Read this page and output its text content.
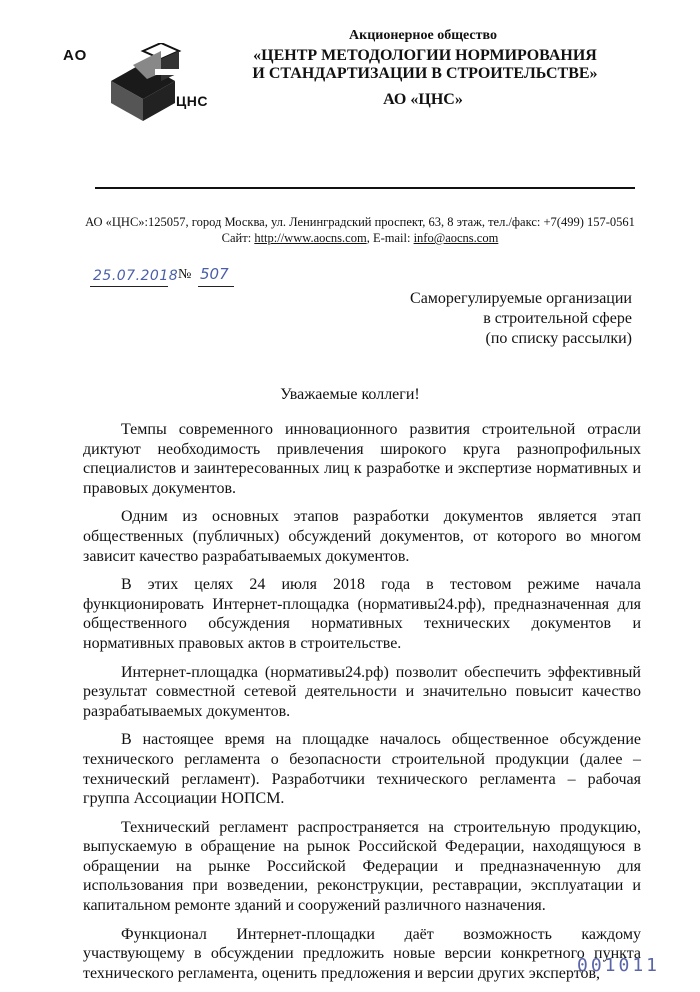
АО
ЦНС
Акционерное общество
«ЦЕНТР МЕТОДОЛОГИИ НОРМИРОВАНИЯ
И СТАНДАРТИЗАЦИИ В СТРОИТЕЛЬСТВЕ»
АО «ЦНС»
АО «ЦНС»:125057, город Москва, ул. Ленинградский проспект, 63, 8 этаж, тел./факс: +7(499) 157-0561
Сайт: http://www.aocns.com, E-mail: info@aocns.com
25.07.2018 № 507
Саморегулируемые организации
в строительной сфере
(по списку рассылки)
Уважаемые коллеги!

Темпы современного инновационного развития строительной отрасли диктуют необходимость привлечения широкого круга разнопрофильных специалистов и заинтересованных лиц к разработке и экспертизе нормативных и правовых документов.

Одним из основных этапов разработки документов является этап общественных (публичных) обсуждений документов, от которого во многом зависит качество разрабатываемых документов.

В этих целях 24 июля 2018 года в тестовом режиме начала функционировать Интернет-площадка (нормативы24.рф), предназначенная для общественного обсуждения нормативных технических документов и нормативных правовых актов в строительстве.

Интернет-площадка (нормативы24.рф) позволит обеспечить эффективный результат совместной сетевой деятельности и значительно повысит качество разрабатываемых документов.

В настоящее время на площадке началось общественное обсуждение технического регламента о безопасности строительной продукции (далее – технический регламент). Разработчики технического регламента – рабочая группа Ассоциации НОПСМ.

Технический регламент распространяется на строительную продукцию, выпускаемую в обращение на рынок Российской Федерации, находящуюся в обращении на рынке Российской Федерации и предназначенную для использования при возведении, реконструкции, реставрации, эксплуатации и капитальном ремонте зданий и сооружений различного назначения.

Функционал Интернет-площадки даёт возможность каждому участвующему в обсуждении предложить новые версии конкретного пункта технического регламента, оценить предложения и версии других экспертов,

001011
